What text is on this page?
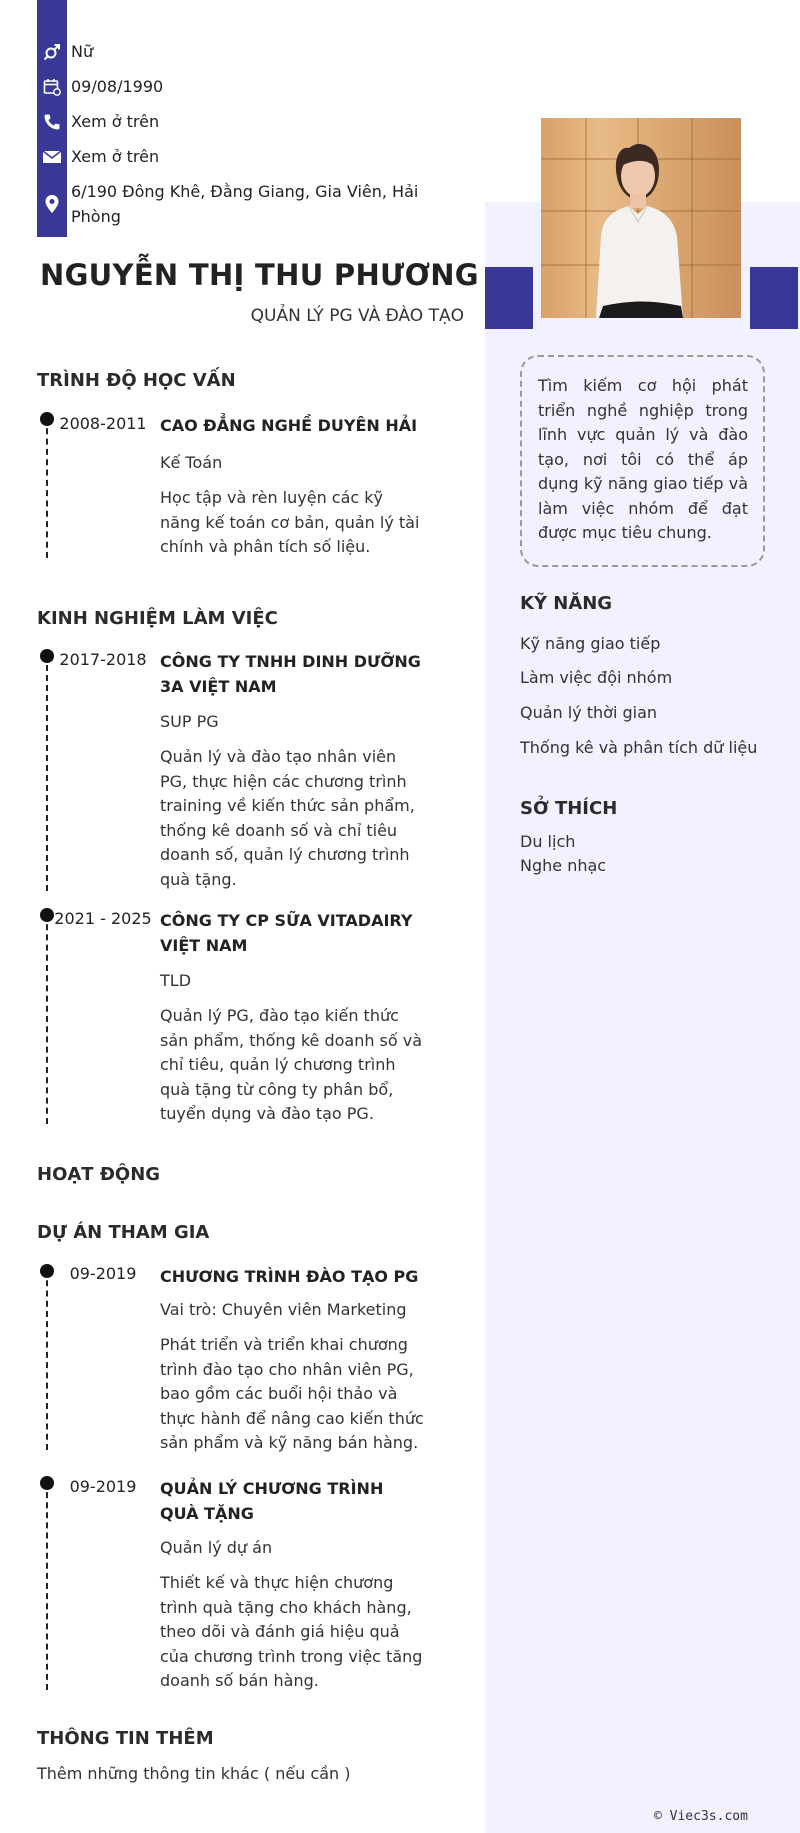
Nữ
09/08/1990
Xem ở trên
Xem ở trên
6/190 Đông Khê, Đằng Giang, Gia Viên, Hải Phòng
NGUYỄN THỊ THU PHƯƠNG
QUẢN LÝ PG VÀ ĐÀO TẠO
TRÌNH ĐỘ HỌC VẤN
2008-2011 CAO ĐẲNG NGHỀ DUYÊN HẢI
Kế Toán
Học tập và rèn luyện các kỹ năng kế toán cơ bản, quản lý tài chính và phân tích số liệu.
KINH NGHIỆM LÀM VIỆC
2017-2018 CÔNG TY TNHH DINH DƯỠNG 3A VIỆT NAM
SUP PG
Quản lý và đào tạo nhân viên PG, thực hiện các chương trình training về kiến thức sản phẩm, thống kê doanh số và chỉ tiêu doanh số, quản lý chương trình quà tặng.
2021 - 2025 CÔNG TY CP SỮA VITADAIRY VIỆT NAM
TLD
Quản lý PG, đào tạo kiến thức sản phẩm, thống kê doanh số và chỉ tiêu, quản lý chương trình quà tặng từ công ty phân bổ, tuyển dụng và đào tạo PG.
HOẠT ĐỘNG
DỰ ÁN THAM GIA
09-2019	CHƯƠNG TRÌNH ĐÀO TẠO PG
Vai trò: Chuyên viên Marketing
Phát triển và triển khai chương trình đào tạo cho nhân viên PG, bao gồm các buổi hội thảo và thực hành để nâng cao kiến thức sản phẩm và kỹ năng bán hàng.
09-2019	QUẢN LÝ CHƯƠNG TRÌNH QUÀ TẶNG
Quản lý dự án
Thiết kế và thực hiện chương trình quà tặng cho khách hàng, theo dõi và đánh giá hiệu quả của chương trình trong việc tăng doanh số bán hàng.
THÔNG TIN THÊM
Thêm những thông tin khác ( nếu cần )
Tìm kiếm cơ hội phát triển nghề nghiệp trong lĩnh vực quản lý và đào tạo, nơi tôi có thể áp dụng kỹ năng giao tiếp và làm việc nhóm để đạt được mục tiêu chung.
KỸ NĂNG
Kỹ năng giao tiếp
Làm việc đội nhóm
Quản lý thời gian
Thống kê và phân tích dữ liệu
SỞ THÍCH
Du lịch
Nghe nhạc
© Viec3s.com
